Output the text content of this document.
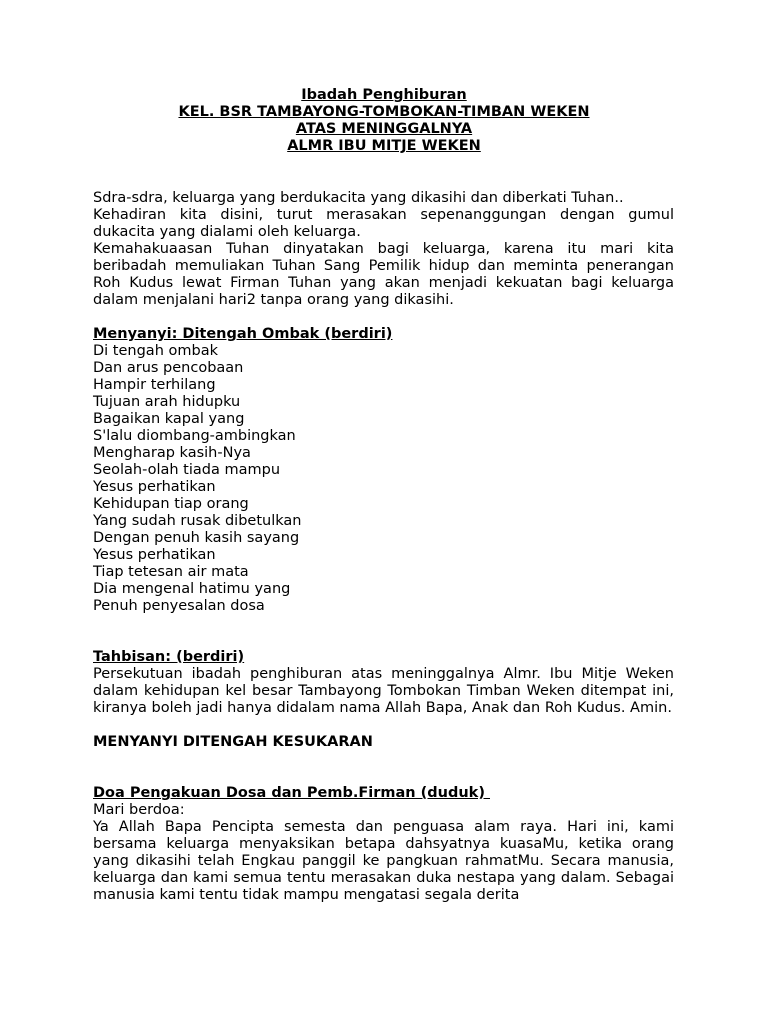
Ibadah Penghiburan
KEL. BSR TAMBAYONG-TOMBOKAN-TIMBAN WEKEN
ATAS MENINGGALNYA
ALMR IBU MITJE WEKEN
Sdra-sdra, keluarga yang berdukacita yang dikasihi dan diberkati Tuhan..
Kehadiran kita disini, turut merasakan sepenanggungan dengan gumul dukacita yang dialami oleh keluarga.
Kemahakuaasan Tuhan dinyatakan bagi keluarga, karena itu mari kita beribadah memuliakan Tuhan Sang Pemilik hidup dan meminta penerangan Roh Kudus lewat Firman Tuhan yang akan menjadi kekuatan bagi keluarga dalam menjalani hari2 tanpa orang yang dikasihi.
Menyanyi: Ditengah Ombak (berdiri)
Di tengah ombak
Dan arus pencobaan
Hampir terhilang
Tujuan arah hidupku
Bagaikan kapal yang
S'lalu diombang-ambingkan
Mengharap kasih-Nya
Seolah-olah tiada mampu
Yesus perhatikan
Kehidupan tiap orang
Yang sudah rusak dibetulkan
Dengan penuh kasih sayang
Yesus perhatikan
Tiap tetesan air mata
Dia mengenal hatimu yang
Penuh penyesalan dosa
Tahbisan: (berdiri)
Persekutuan ibadah penghiburan atas meninggalnya Almr. Ibu Mitje Weken dalam kehidupan kel besar Tambayong Tombokan Timban Weken ditempat ini, kiranya boleh jadi hanya didalam nama Allah Bapa, Anak dan Roh Kudus. Amin.
MENYANYI DITENGAH KESUKARAN
Doa Pengakuan Dosa dan Pemb.Firman (duduk)
Mari berdoa:
Ya Allah Bapa Pencipta semesta dan penguasa alam raya. Hari ini, kami bersama keluarga menyaksikan betapa dahsyatnya kuasaMu, ketika orang yang dikasihi telah Engkau panggil ke pangkuan rahmatMu. Secara manusia, keluarga dan kami semua tentu merasakan duka nestapa yang dalam. Sebagai manusia kami tentu tidak mampu mengatasi segala derita
